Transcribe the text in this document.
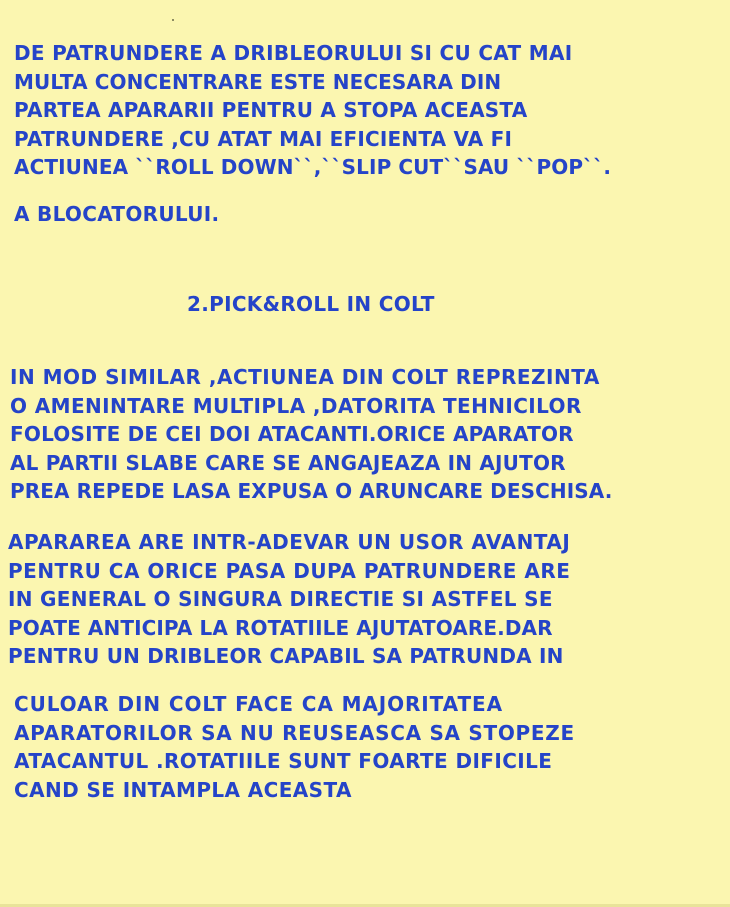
DE PATRUNDERE A DRIBLEORULUI SI CU CAT MAI
MULTA CONCENTRARE ESTE NECESARA DIN
PARTEA APARARII PENTRU A STOPA ACEASTA
PATRUNDERE ,CU ATAT MAI EFICIENTA VA FI
ACTIUNEA ``ROLL DOWN``,``SLIP CUT``SAU ``POP``.
A BLOCATORULUI.
2.PICK&ROLL IN COLT
IN MOD SIMILAR ,ACTIUNEA DIN COLT REPREZINTA
O AMENINTARE MULTIPLA ,DATORITA TEHNICILOR
FOLOSITE DE CEI DOI ATACANTI.ORICE APARATOR
AL PARTII SLABE CARE SE ANGAJEAZA IN AJUTOR
PREA REPEDE LASA EXPUSA O ARUNCARE DESCHISA.
APARAREA ARE INTR-ADEVAR UN USOR AVANTAJ
PENTRU CA ORICE PASA DUPA PATRUNDERE ARE
IN GENERAL O SINGURA DIRECTIE SI ASTFEL SE
POATE ANTICIPA LA ROTATIILE AJUTATOARE.DAR
PENTRU UN DRIBLEOR CAPABIL SA PATRUNDA IN
CULOAR DIN COLT FACE CA MAJORITATEA
APARATORILOR SA NU REUSEASCA SA STOPEZE
ATACANTUL .ROTATIILE SUNT FOARTE DIFICILE
CAND SE INTAMPLA ACEASTA
